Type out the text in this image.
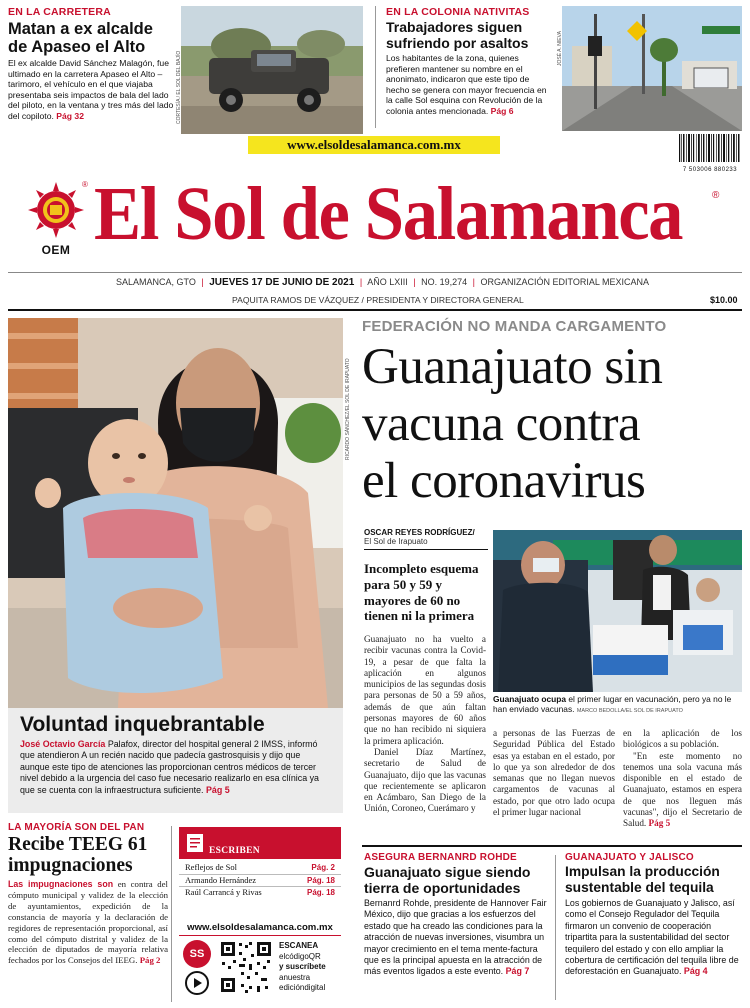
EN LA CARRETERA
Matan a ex alcalde
de Apaseo el Alto
El ex alcalde David Sánchez Malagón, fue ultimado en la carretera Apaseo el Alto – tarimoro, el vehículo en el que viajaba presentaba seis impactos de bala del lado del piloto, en la ventana y tres más del lado del copiloto. Pág 32	CORTESÍA / EL SOL DEL BAJÍO
EN LA COLONIA NATIVITAS
Trabajadores siguen
sufriendo por asaltos
Los habitantes de la zona, quienes prefieren mantener su nombre en el anonimato, indicaron que este tipo de hecho se genera con mayor frecuencia en la calle Sol esquina con Revolución de la colonia antes mencionada. Pág 6
JOSÉ A. NIEVA
www.elsoldesalamanca.com.mx
7 503006 880233
OEM
® El Sol de Salamanca	®
SALAMANCA, GTO | JUEVES 17 DE JUNIO DE 2021 | AÑO LXIII | NO. 19,274 | ORGANIZACIÓN EDITORIAL MEXICANA
PAQUITA RAMOS DE VÁZQUEZ / PRESIDENTA Y DIRECTORA GENERAL	$10.00
RICARDO SÁNCHEZ/EL SOL DE IRAPUATO
Voluntad inquebrantable
José Octavio García Palafox, director del hospital general 2 IMSS, informó que atendieron A un recién nacido que padecía gastrosquisis y dijo que aunque este tipo de atenciones las proporcionan centros médicos de tercer nivel debido a la urgencia del caso fue necesario realizarlo en esa clínica ya que se cuenta con la infraestructura suficiente. Pág 5
FEDERACIÓN NO MANDA CARGAMENTO
Guanajuato sin
vacuna contra
el coronavirus
OSCAR REYES RODRÍGUEZ/
El Sol de Irapuato
Incompleto esquema para 50 y 59 y mayores de 60 no tienen ni la primera
Guanajuato ocupa el primer lugar en vacunación, pero ya no le han enviado vacunas. MARCO BEDOLLA/EL SOL DE IRAPUATO
Guanajuato no ha vuelto a recibir vacunas contra la Covid-19, a pesar de que falta la aplicación en algunos municipios de las segundas dosis para personas de 50 a 59 años, además de que aún faltan personas mayores de 60 años que no han recibido ni siquiera la primera aplicación.
Daniel Díaz Martínez, secretario de Salud de Guanajuato, dijo que las vacunas que recientemente se aplicaron en Acámbaro, San Diego de la Unión, Coroneo, Cuerámaro y
a personas de las Fuerzas de Seguridad Pública del Estado esas ya estaban en el estado, por lo que ya son alrededor de dos semanas que no llegan nuevos cargamentos de vacunas al estado, por que otro lado ocupa el primer lugar nacional
en la aplicación de los biológicos a su población.
"En este momento no tenemos una sola vacuna más disponible en el estado de Guanajuato, estamos en espera de que nos lleguen más vacunas", dijo el Secretario de Salud. Pág 5
LA MAYORÍA SON DEL PAN
Recibe TEEG 61
impugnaciones
Las impugnaciones son en contra del cómputo municipal y validez de la elección de ayuntamientos, expedición de la constancia de mayoría y la declaración de regidores de representación proporcional, así como del cómputo distrital y validez de la elección de diputados de mayoría relativa fechados por los Consejos del IEEG. Pág 2
ESCRIBEN
Reflejos de Sol	Pág. 2
Armando Hernández	Pág. 18
Raúl Carrancá y Rivas	Pág. 18
www.elsoldesalamanca.com.mx
SS
ESCANEA
elcódigoQR
y suscríbete
anuestra
edicióndigital
ASEGURA BERNANRD ROHDE
Guanajuato sigue siendo
tierra de oportunidades
Bernanrd Rohde, presidente de Hannover Fair México, dijo que gracias a los esfuerzos del estado que ha creado las condiciones para la atracción de nuevas inversiones, visumbra un mayor crecimiento en el tema mente-factura que es la principal apuesta en la atracción de más eventos ligados a este evento. Pág 7
GUANAJUATO Y JALISCO
Impulsan la producción
sustentable del tequila
Los gobiernos de Guanajuato y Jalisco, así como el Consejo Regulador del Tequila firmaron un convenio de cooperación tripartita para la sustentabilidad del sector tequilero del estado y con ello ampliar la cobertura de certificación del tequila libre de deforestación en Guanajuato. Pág 4
